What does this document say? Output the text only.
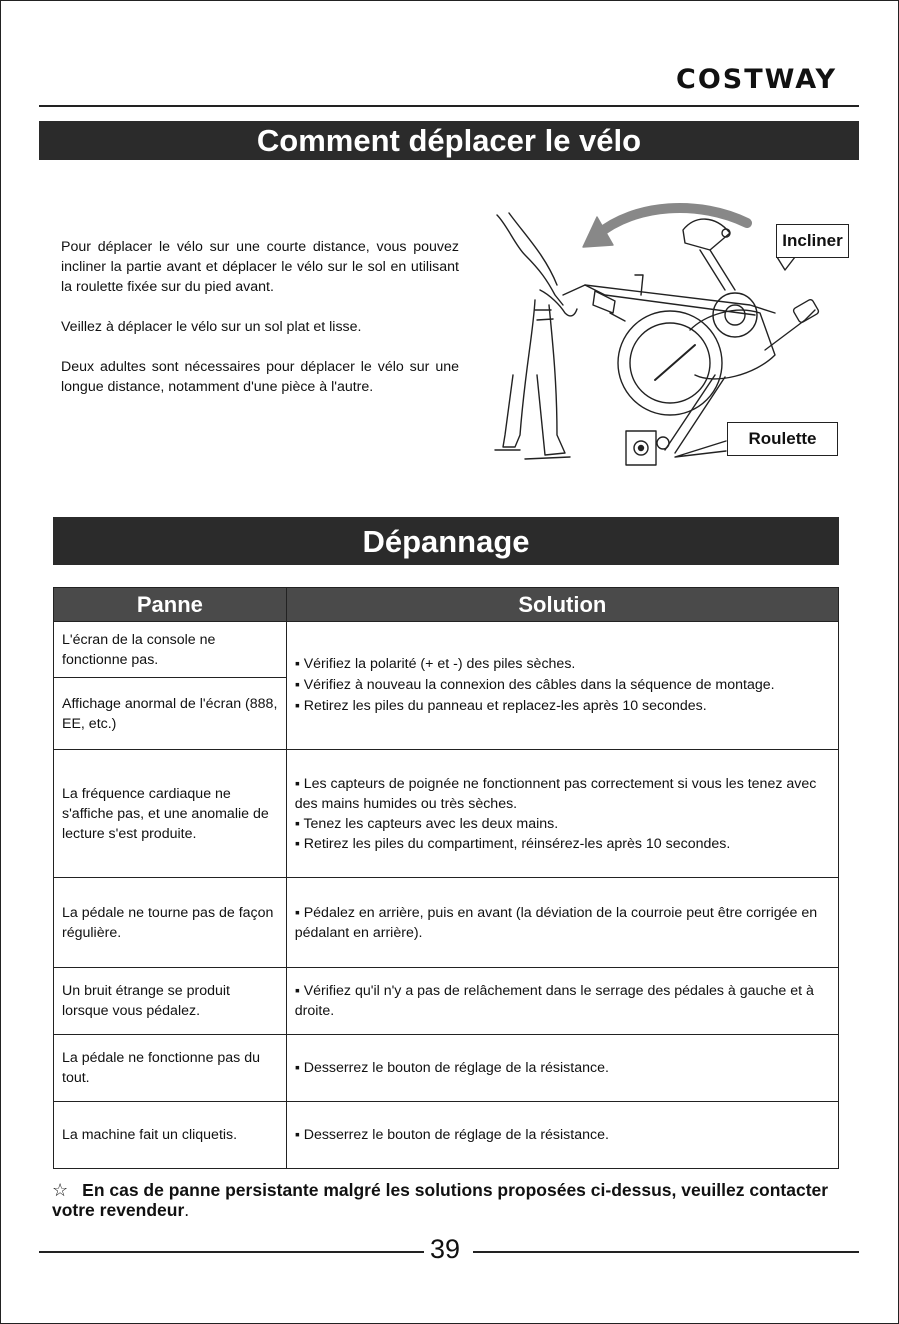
COSTWAY
Comment déplacer le vélo

Pour déplacer le vélo sur une courte distance, vous pouvez incliner la partie avant et déplacer le vélo sur le sol en utilisant la roulette fixée sur du pied avant.

Veillez à déplacer le vélo sur un sol plat et lisse.

Deux adultes sont nécessaires pour déplacer le vélo sur une longue distance, notamment d'une pièce à l'autre.

Incliner
Roulette
Dépannage
Panne	Solution
L'écran de la console ne fonctionne pas.	▪ Vérifiez la polarité (+ et -) des piles sèches.
▪ Vérifiez à nouveau la connexion des câbles dans la séquence de montage.
▪ Retirez les piles du panneau et replacez-les après 10 secondes.

Affichage anormal de l'écran (888, EE, etc.)	
La fréquence cardiaque ne s'affiche pas, et une anomalie de lecture s'est produite.	▪ Les capteurs de poignée ne fonctionnent pas correctement si vous les tenez avec des mains humides ou très sèches.
▪ Tenez les capteurs avec les deux mains.
▪ Retirez les piles du compartiment, réinsérez-les après 10 secondes.

La pédale ne tourne pas de façon régulière.	▪ Pédalez en arrière, puis en avant (la déviation de la courroie peut être corrigée en pédalant en arrière).

Un bruit étrange se produit lorsque vous pédalez.	▪ Vérifiez qu'il n'y a pas de relâchement dans le serrage des pédales à gauche et à droite.

La pédale ne fonctionne pas du tout.	▪ Desserrez le bouton de réglage de la résistance.

La machine fait un cliquetis.	▪ Desserrez le bouton de réglage de la résistance.
☆ En cas de panne persistante malgré les solutions proposées ci-dessus, veuillez contacter votre revendeur.
39
